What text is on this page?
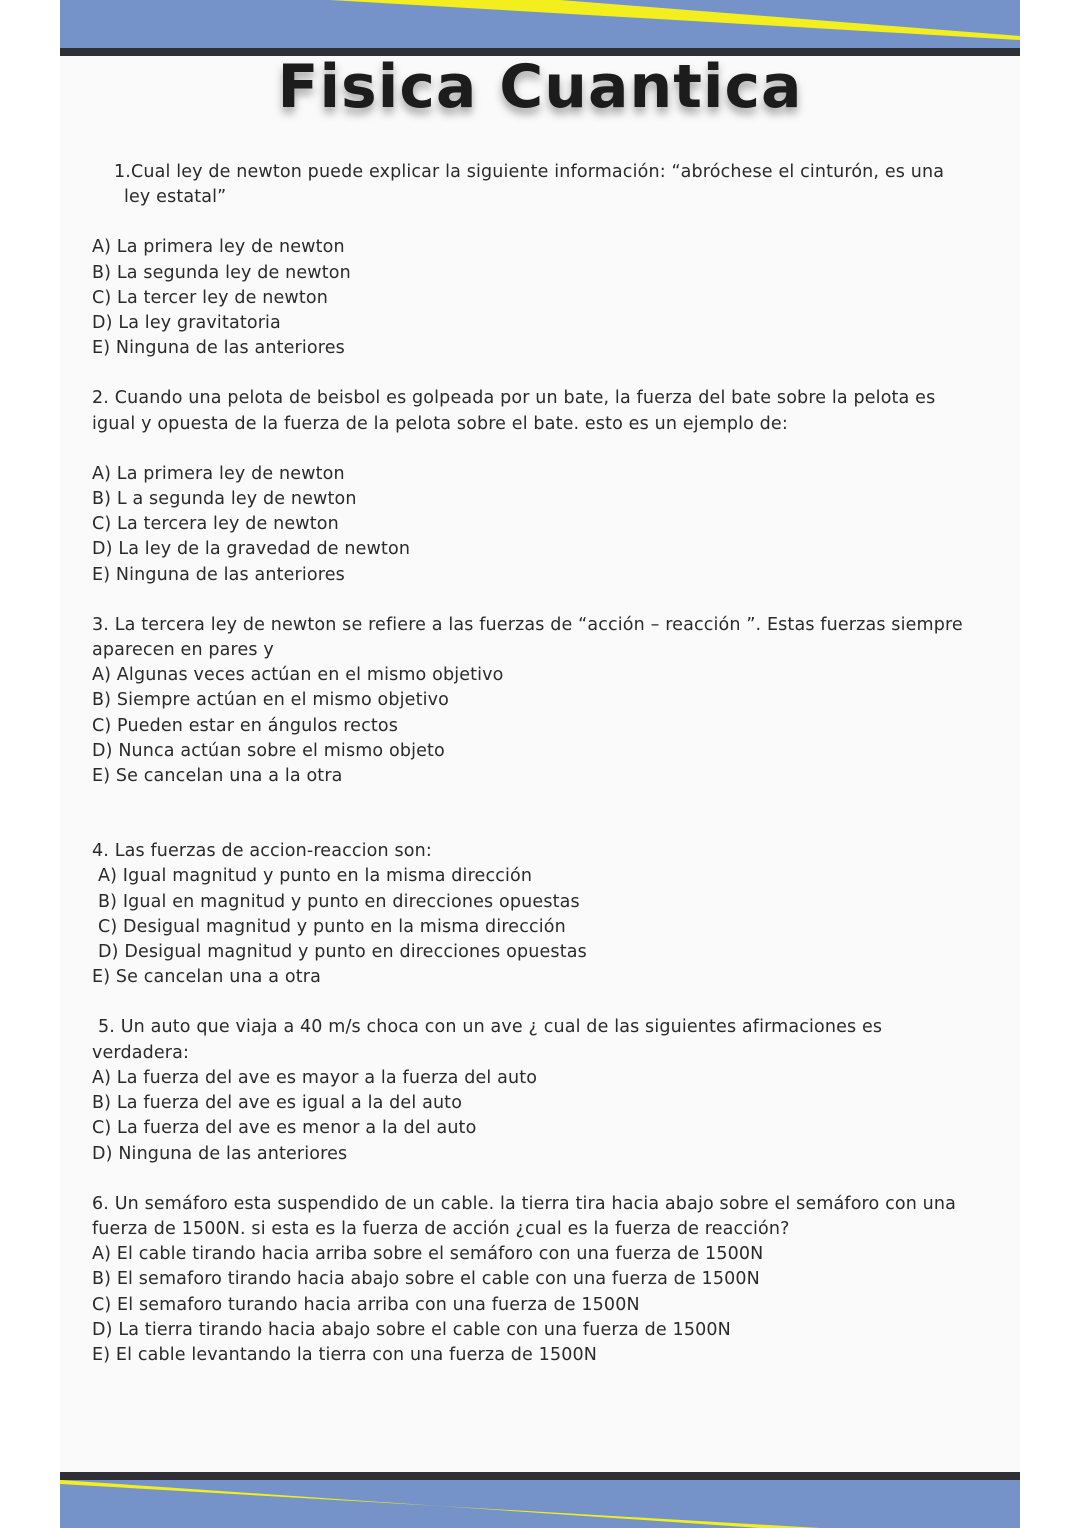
Fisica Cuantica

1.Cual ley de newton puede explicar la siguiente información: “abróchese el cinturón, es una ley estatal”

A) La primera ley de newton
B) La segunda ley de newton
C) La tercer ley de newton
D) La ley gravitatoria
E) Ninguna de las anteriores

2. Cuando una pelota de beisbol es golpeada por un bate, la fuerza del bate sobre la pelota es igual y opuesta de la fuerza de la pelota sobre el bate. esto es un ejemplo de:

A) La primera ley de newton
B) L a segunda ley de newton
C) La tercera ley de newton
D) La ley de la gravedad de newton
E) Ninguna de las anteriores

3. La tercera ley de newton se refiere a las fuerzas de “acción – reacción ”. Estas fuerzas siempre aparecen en pares y

A) Algunas veces actúan en el mismo objetivo
B) Siempre actúan en el mismo objetivo
C) Pueden estar en ángulos rectos
D) Nunca actúan sobre el mismo objeto
E) Se cancelan una a la otra

4. Las fuerzas de accion-reaccion son:

A) Igual magnitud y punto en la misma dirección
B) Igual en magnitud y punto en direcciones opuestas
C) Desigual magnitud y punto en la misma dirección
D) Desigual magnitud y punto en direcciones opuestas
E) Se cancelan una a otra

5. Un auto que viaja a 40 m/s choca con un ave ¿ cual de las siguientes afirmaciones es verdadera:

A) La fuerza del ave es mayor a la fuerza del auto
B) La fuerza del ave es igual a la del auto
C) La fuerza del ave es menor a la del auto
D) Ninguna de las anteriores

6. Un semáforo esta suspendido de un cable. la tierra tira hacia abajo sobre el semáforo con una fuerza de 1500N. si esta es la fuerza de acción ¿cual es la fuerza de reacción?

A) El cable tirando hacia arriba sobre el semáforo con una fuerza de 1500N
B) El semaforo tirando hacia abajo sobre el cable con una fuerza de 1500N
C) El semaforo turando hacia arriba con una fuerza de 1500N
D) La tierra tirando hacia abajo sobre el cable con una fuerza de 1500N
E) El cable levantando la tierra con una fuerza de 1500N
